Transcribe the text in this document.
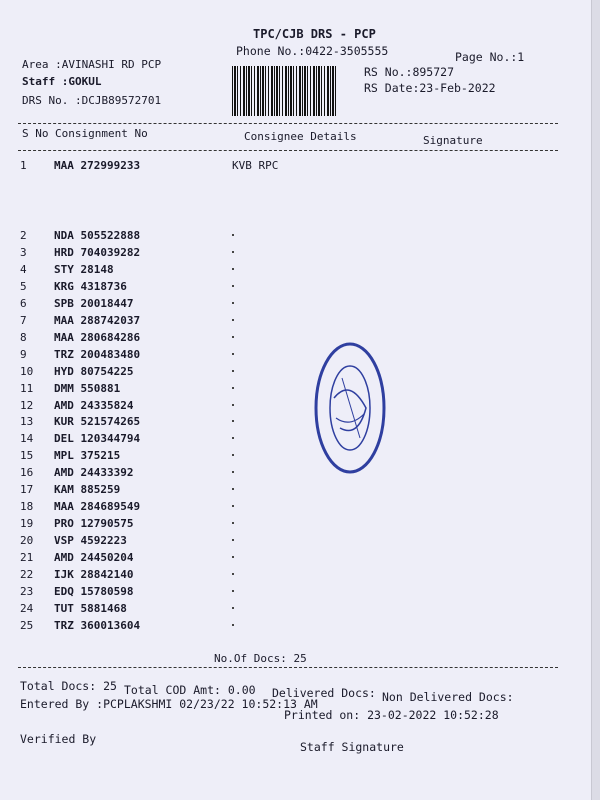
TPC/CJB DRS - PCP
Phone No.:0422-3505555	Page No.:1
Area :AVINASHI RD PCP
Staff :GOKUL
DRS No. :DCJB89572701
RS No.:895727
RS Date:23-Feb-2022
S No Consignment No	Consignee Details	Signature
1	MAA 272999233	KVB RPC
2	NDA 505522888
3	HRD 704039282
4	STY 28148
5	KRG 4318736
6	SPB 20018447
7	MAA 288742037
8	MAA 280684286
9	TRZ 200483480
10	HYD 80754225
11	DMM 550881
12	AMD 24335824
13	KUR 521574265
14	DEL 120344794
15	MPL 375215
16	AMD 24433392
17	KAM 885259
18	MAA 284689549
19	PRO 12790575
20	VSP 4592223
21	AMD 24450204
22	IJK 28842140
23	EDQ 15780598
24	TUT 5881468
25	TRZ 360013604
No.Of Docs: 25
Total Docs: 25 Total COD Amt: 0.00 Delivered Docs: Non Delivered Docs:
Entered By :PCPLAKSHMI 02/23/22 10:52:13 AM
Printed on: 23-02-2022 10:52:28
Verified By
Staff Signature
